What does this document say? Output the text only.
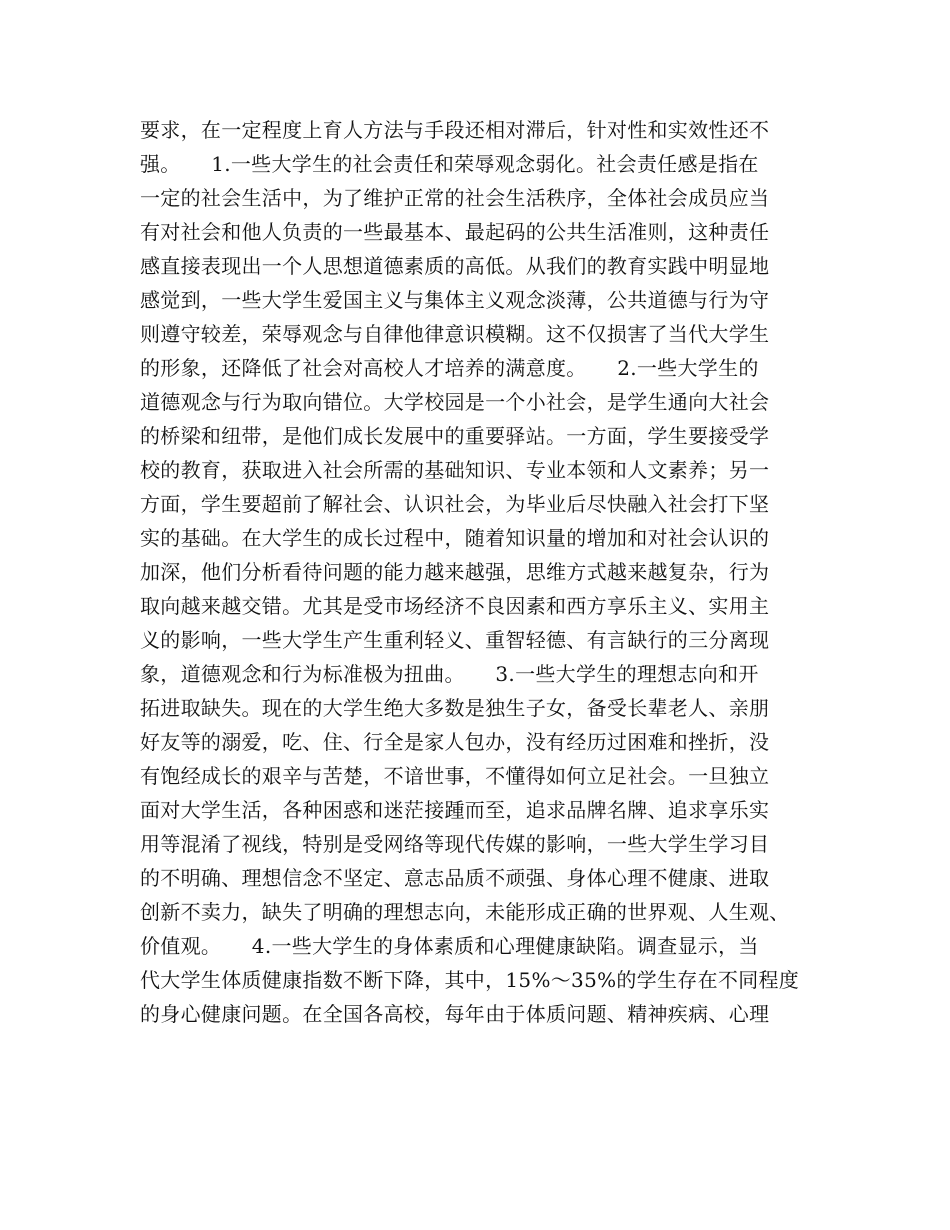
要求，在一定程度上育人方法与手段还相对滞后，针对性和实效性还不
强。　　1.一些大学生的社会责任和荣辱观念弱化。社会责任感是指在
一定的社会生活中，为了维护正常的社会生活秩序，全体社会成员应当
有对社会和他人负责的一些最基本、最起码的公共生活准则，这种责任
感直接表现出一个人思想道德素质的高低。从我们的教育实践中明显地
感觉到，一些大学生爱国主义与集体主义观念淡薄，公共道德与行为守
则遵守较差，荣辱观念与自律他律意识模糊。这不仅损害了当代大学生
的形象，还降低了社会对高校人才培养的满意度。　　2.一些大学生的
道德观念与行为取向错位。大学校园是一个小社会，是学生通向大社会
的桥梁和纽带，是他们成长发展中的重要驿站。一方面，学生要接受学
校的教育，获取进入社会所需的基础知识、专业本领和人文素养；另一
方面，学生要超前了解社会、认识社会，为毕业后尽快融入社会打下坚
实的基础。在大学生的成长过程中，随着知识量的增加和对社会认识的
加深，他们分析看待问题的能力越来越强，思维方式越来越复杂，行为
取向越来越交错。尤其是受市场经济不良因素和西方享乐主义、实用主
义的影响，一些大学生产生重利轻义、重智轻德、有言缺行的三分离现
象，道德观念和行为标准极为扭曲。　　3.一些大学生的理想志向和开
拓进取缺失。现在的大学生绝大多数是独生子女，备受长辈老人、亲朋
好友等的溺爱，吃、住、行全是家人包办，没有经历过困难和挫折，没
有饱经成长的艰辛与苦楚，不谙世事，不懂得如何立足社会。一旦独立
面对大学生活，各种困惑和迷茫接踵而至，追求品牌名牌、追求享乐实
用等混淆了视线，特别是受网络等现代传媒的影响，一些大学生学习目
的不明确、理想信念不坚定、意志品质不顽强、身体心理不健康、进取
创新不卖力，缺失了明确的理想志向，未能形成正确的世界观、人生观、
价值观。　　4.一些大学生的身体素质和心理健康缺陷。调查显示，当
代大学生体质健康指数不断下降，其中，15%～35%的学生存在不同程度
的身心健康问题。在全国各高校，每年由于体质问题、精神疾病、心理
